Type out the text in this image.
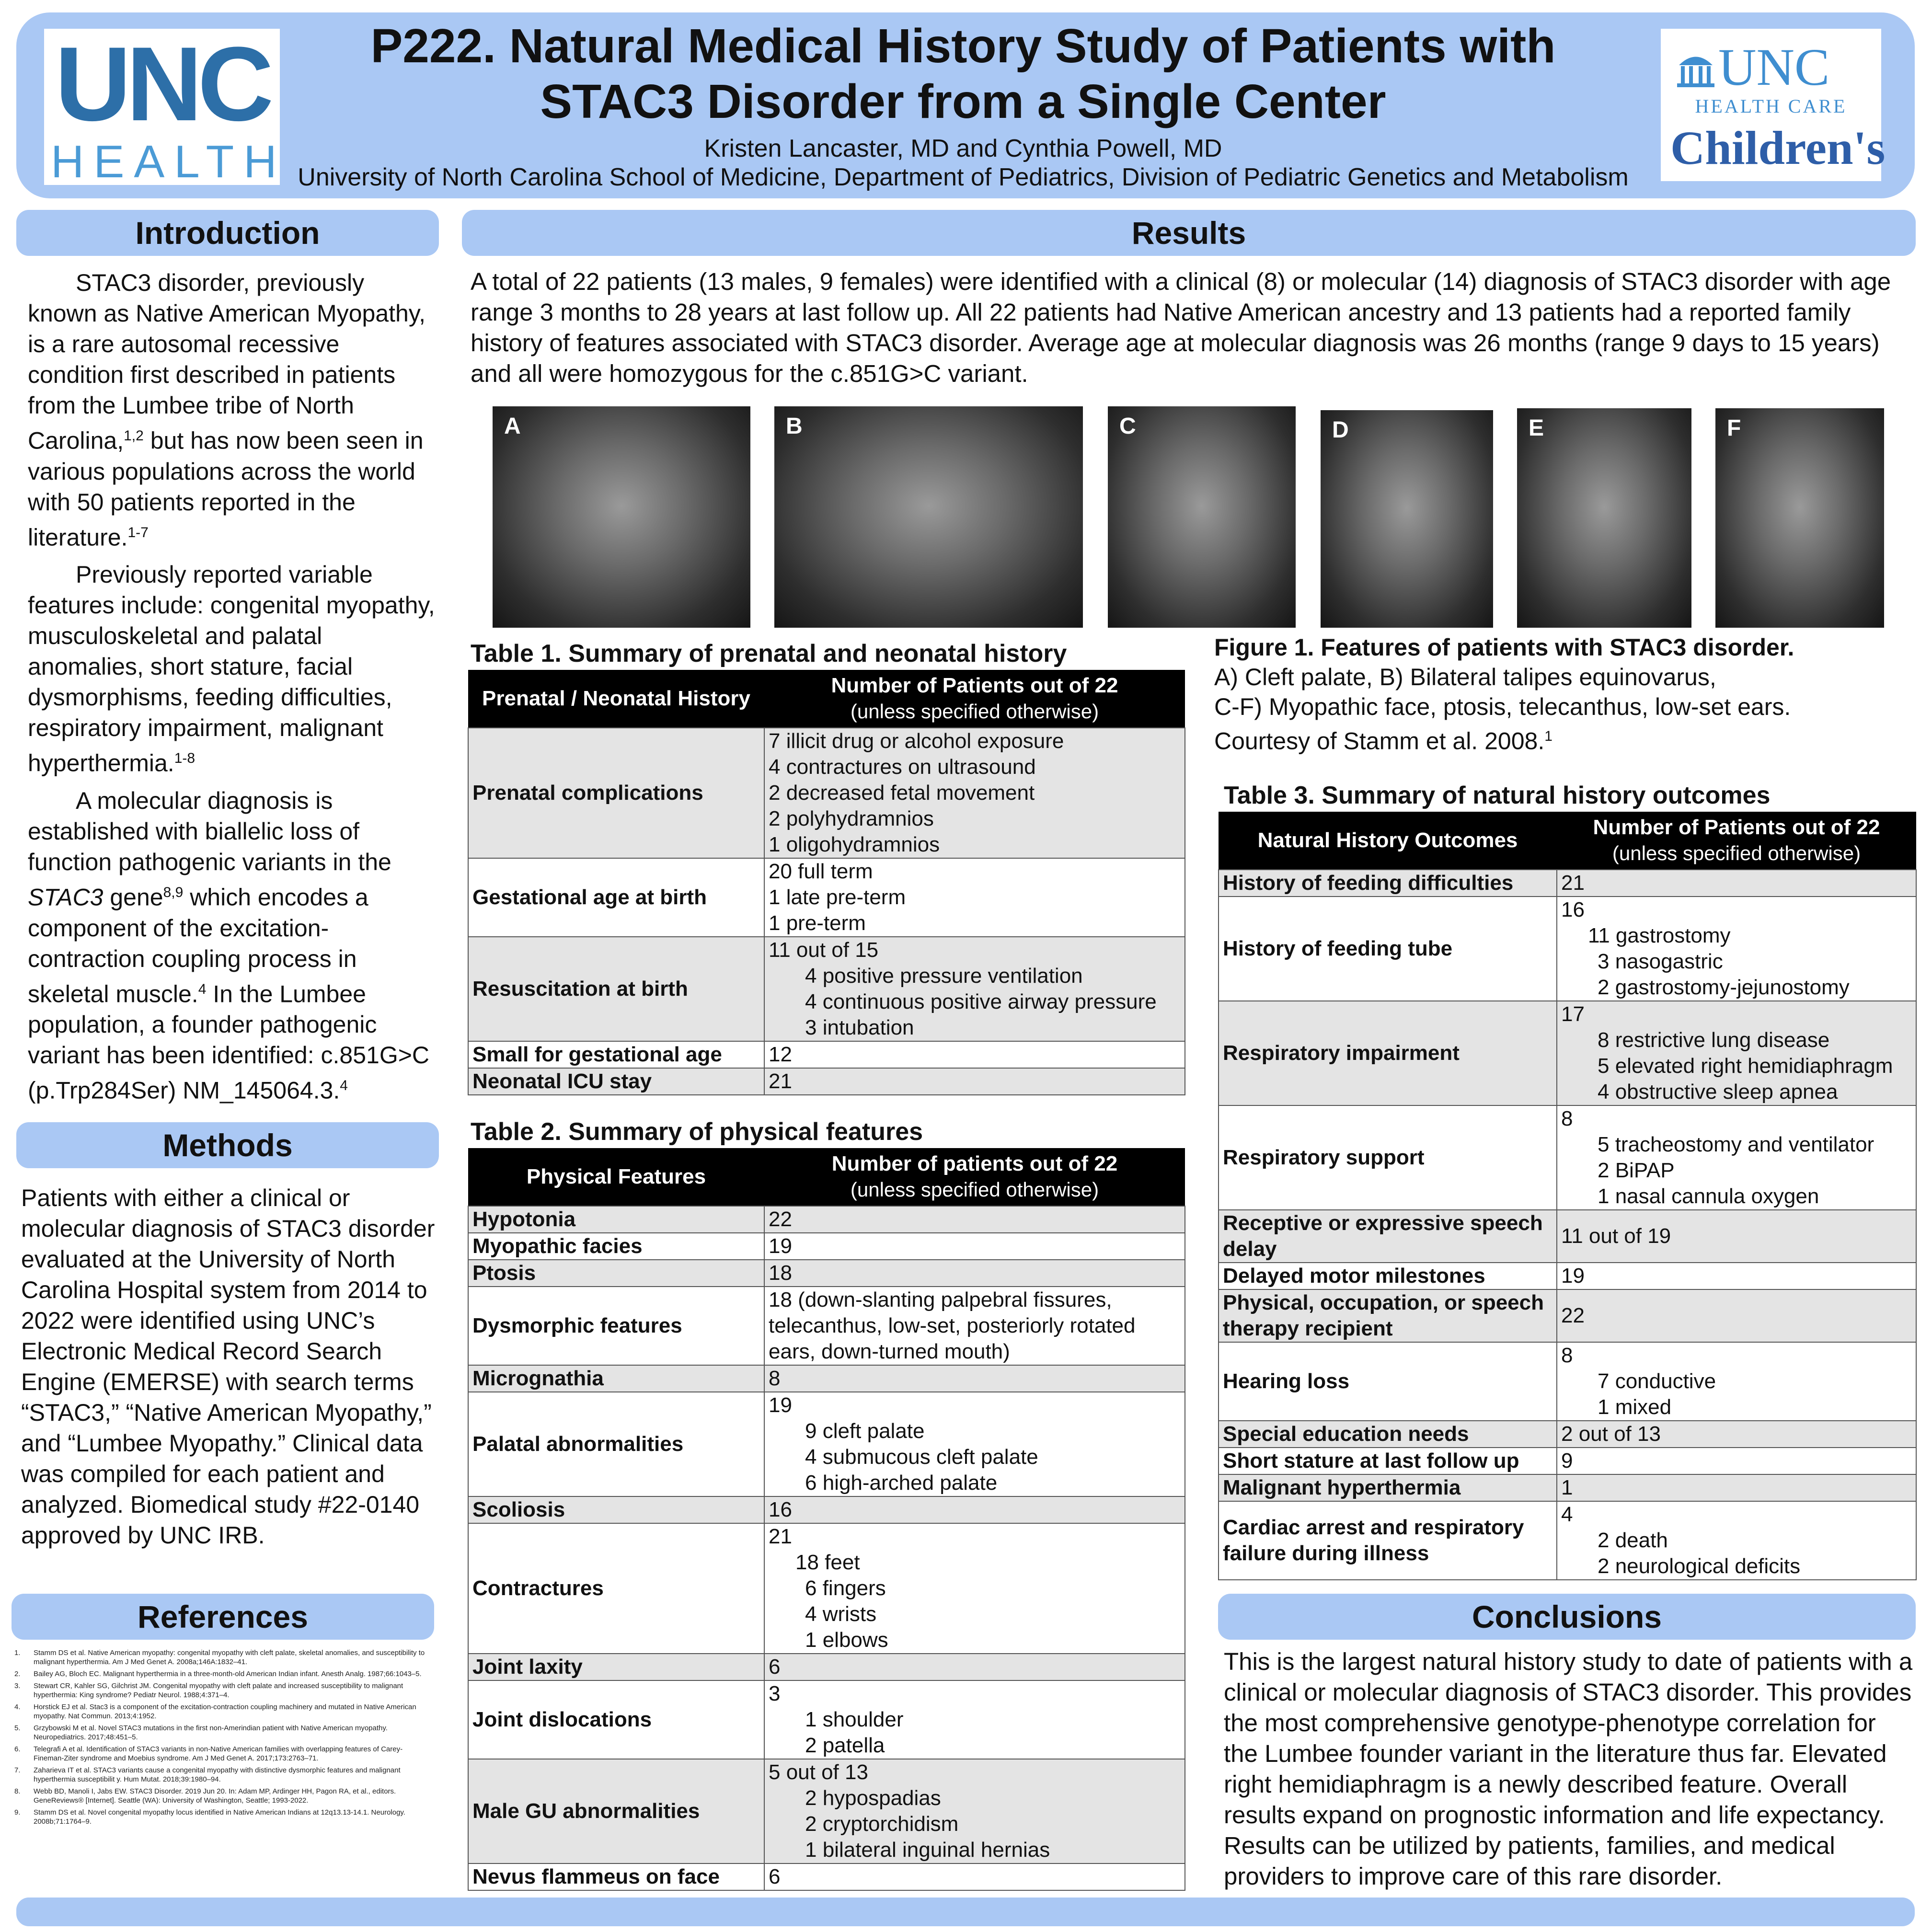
UNC
HEALTH
P222. Natural Medical History Study of Patients with
STAC3 Disorder from a Single Center
Kristen Lancaster, MD and Cynthia Powell, MD
University of North Carolina School of Medicine, Department of Pediatrics, Division of Pediatric Genetics and Metabolism
UNC
HEALTH CARE
Children's
Introduction

STAC3 disorder, previously known as Native American Myopathy, is a rare autosomal recessive condition first described in patients from the Lumbee tribe of North Carolina,$^{1,2}$ but has now been seen in various populations across the world with 50 patients reported in the literature.$^{1-7}$

Previously reported variable features include: congenital myopathy, musculoskeletal and palatal anomalies, short stature, facial dysmorphisms, feeding difficulties, respiratory impairment, malignant hyperthermia.$^{1-8}$

A molecular diagnosis is established with biallelic loss of function pathogenic variants in the STAC3 gene$^{8,9}$ which encodes a component of the excitation-contraction coupling process in skeletal muscle.$^4$ In the Lumbee population, a founder pathogenic variant has been identified: c.851G>C (p.Trp284Ser) NM_145064.3.$^4$

Methods
Patients with either a clinical or molecular diagnosis of STAC3 disorder evaluated at the University of North Carolina Hospital system from 2014 to 2022 were identified using UNC’s Electronic Medical Record Search Engine (EMERSE) with search terms “STAC3,” “Native American Myopathy,” and “Lumbee Myopathy.” Clinical data was compiled for each patient and analyzed. Biomedical study #22-0140 approved by UNC IRB.
References
1.	Stamm DS et al. Native American myopathy: congenital myopathy with cleft palate, skeletal anomalies, and susceptibility to malignant hyperthermia. Am J Med Genet A. 2008a;146A:1832–41.
2.	Bailey AG, Bloch EC. Malignant hyperthermia in a three-month-old American Indian infant. Anesth Analg. 1987;66:1043–5.
3.	Stewart CR, Kahler SG, Gilchrist JM. Congenital myopathy with cleft palate and increased susceptibility to malignant hyperthermia: King syndrome? Pediatr Neurol. 1988;4:371–4.
4.	Horstick EJ et al. Stac3 is a component of the excitation-contraction coupling machinery and mutated in Native American myopathy. Nat Commun. 2013;4:1952.
5.	Grzybowski M et al. Novel STAC3 mutations in the first non-Amerindian patient with Native American myopathy. Neuropediatrics. 2017;48:451–5.
6.	Telegrafi A et al. Identification of STAC3 variants in non-Native American families with overlapping features of Carey-Fineman-Ziter syndrome and Moebius syndrome. Am J Med Genet A. 2017;173:2763–71.
7.	Zaharieva IT et al. STAC3 variants cause a congenital myopathy with distinctive dysmorphic features and malignant hyperthermia susceptibilit y. Hum Mutat. 2018;39:1980–94.
8.	Webb BD, Manoli I, Jabs EW. STAC3 Disorder. 2019 Jun 20. In: Adam MP, Ardinger HH, Pagon RA, et al., editors. GeneReviews® [Internet]. Seattle (WA): University of Washington, Seattle; 1993-2022.
9.	Stamm DS et al. Novel congenital myopathy locus identified in Native American Indians at 12q13.13-14.1. Neurology. 2008b;71:1764–9.
Results
A total of 22 patients (13 males, 9 females) were identified with a clinical (8) or molecular (14) diagnosis of STAC3 disorder with age range 3 months to 28 years at last follow up. All 22 patients had Native American ancestry and 13 patients had a reported family history of features associated with STAC3 disorder. Average age at molecular diagnosis was 26 months (range 9 days to 15 years) and all were homozygous for the c.851G>C variant.
A	B	C	D	E	F
Figure 1. Features of patients with STAC3 disorder.
A) Cleft palate, B) Bilateral talipes equinovarus,
C-F) Myopathic face, ptosis, telecanthus, low-set ears.
Courtesy of Stamm et al. 2008.$^1$
Table 1. Summary of prenatal and neonatal history
Prenatal / Neonatal History	Number of Patients out of 22
(unless specified otherwise)

Prenatal complications	7 illicit drug or alcohol exposure
4 contractures on ultrasound
2 decreased fetal movement
2 polyhydramnios
1 oligohydramnios

Gestational age at birth	20 full term
1 late pre-term
1 pre-term

Resuscitation at birth	11 out of 15
4 positive pressure ventilation
4 continuous positive airway pressure
3 intubation

Small for gestational age	12

Neonatal ICU stay	21
Table 2. Summary of physical features
Physical Features	Number of patients out of 22
(unless specified otherwise)

Hypotonia	22

Myopathic facies	19

Ptosis	18

Dysmorphic features	18 (down-slanting palpebral fissures, telecanthus, low-set, posteriorly rotated ears, down-turned mouth)

Micrognathia	8

Palatal abnormalities	19
9 cleft palate
4 submucous cleft palate
6 high-arched palate

Scoliosis	16

Contractures	21
18 feet
6 fingers
4 wrists
1 elbows

Joint laxity	6

Joint dislocations	3
1 shoulder
2 patella

Male GU abnormalities	5 out of 13
2 hypospadias
2 cryptorchidism
1 bilateral inguinal hernias

Nevus flammeus on face	6
Table 3. Summary of natural history outcomes
Natural History Outcomes	Number of Patients out of 22
(unless specified otherwise)

History of feeding difficulties	21

History of feeding tube	16
11 gastrostomy
3 nasogastric
2 gastrostomy-jejunostomy

Respiratory impairment	17
8 restrictive lung disease
5 elevated right hemidiaphragm
4 obstructive sleep apnea

Respiratory support	8
5 tracheostomy and ventilator
2 BiPAP
1 nasal cannula oxygen

Receptive or expressive speech delay	11 out of 19

Delayed motor milestones	19

Physical, occupation, or speech therapy recipient	22

Hearing loss	8
7 conductive
1 mixed

Special education needs	2 out of 13

Short stature at last follow up	9

Malignant hyperthermia	1

Cardiac arrest and respiratory failure during illness	4
2 death
2 neurological deficits
Conclusions
This is the largest natural history study to date of patients with a clinical or molecular diagnosis of STAC3 disorder. This provides the most comprehensive genotype-phenotype correlation for the Lumbee founder variant in the literature thus far. Elevated right hemidiaphragm is a newly described feature. Overall results expand on prognostic information and life expectancy. Results can be utilized by patients, families, and medical providers to improve care of this rare disorder.
